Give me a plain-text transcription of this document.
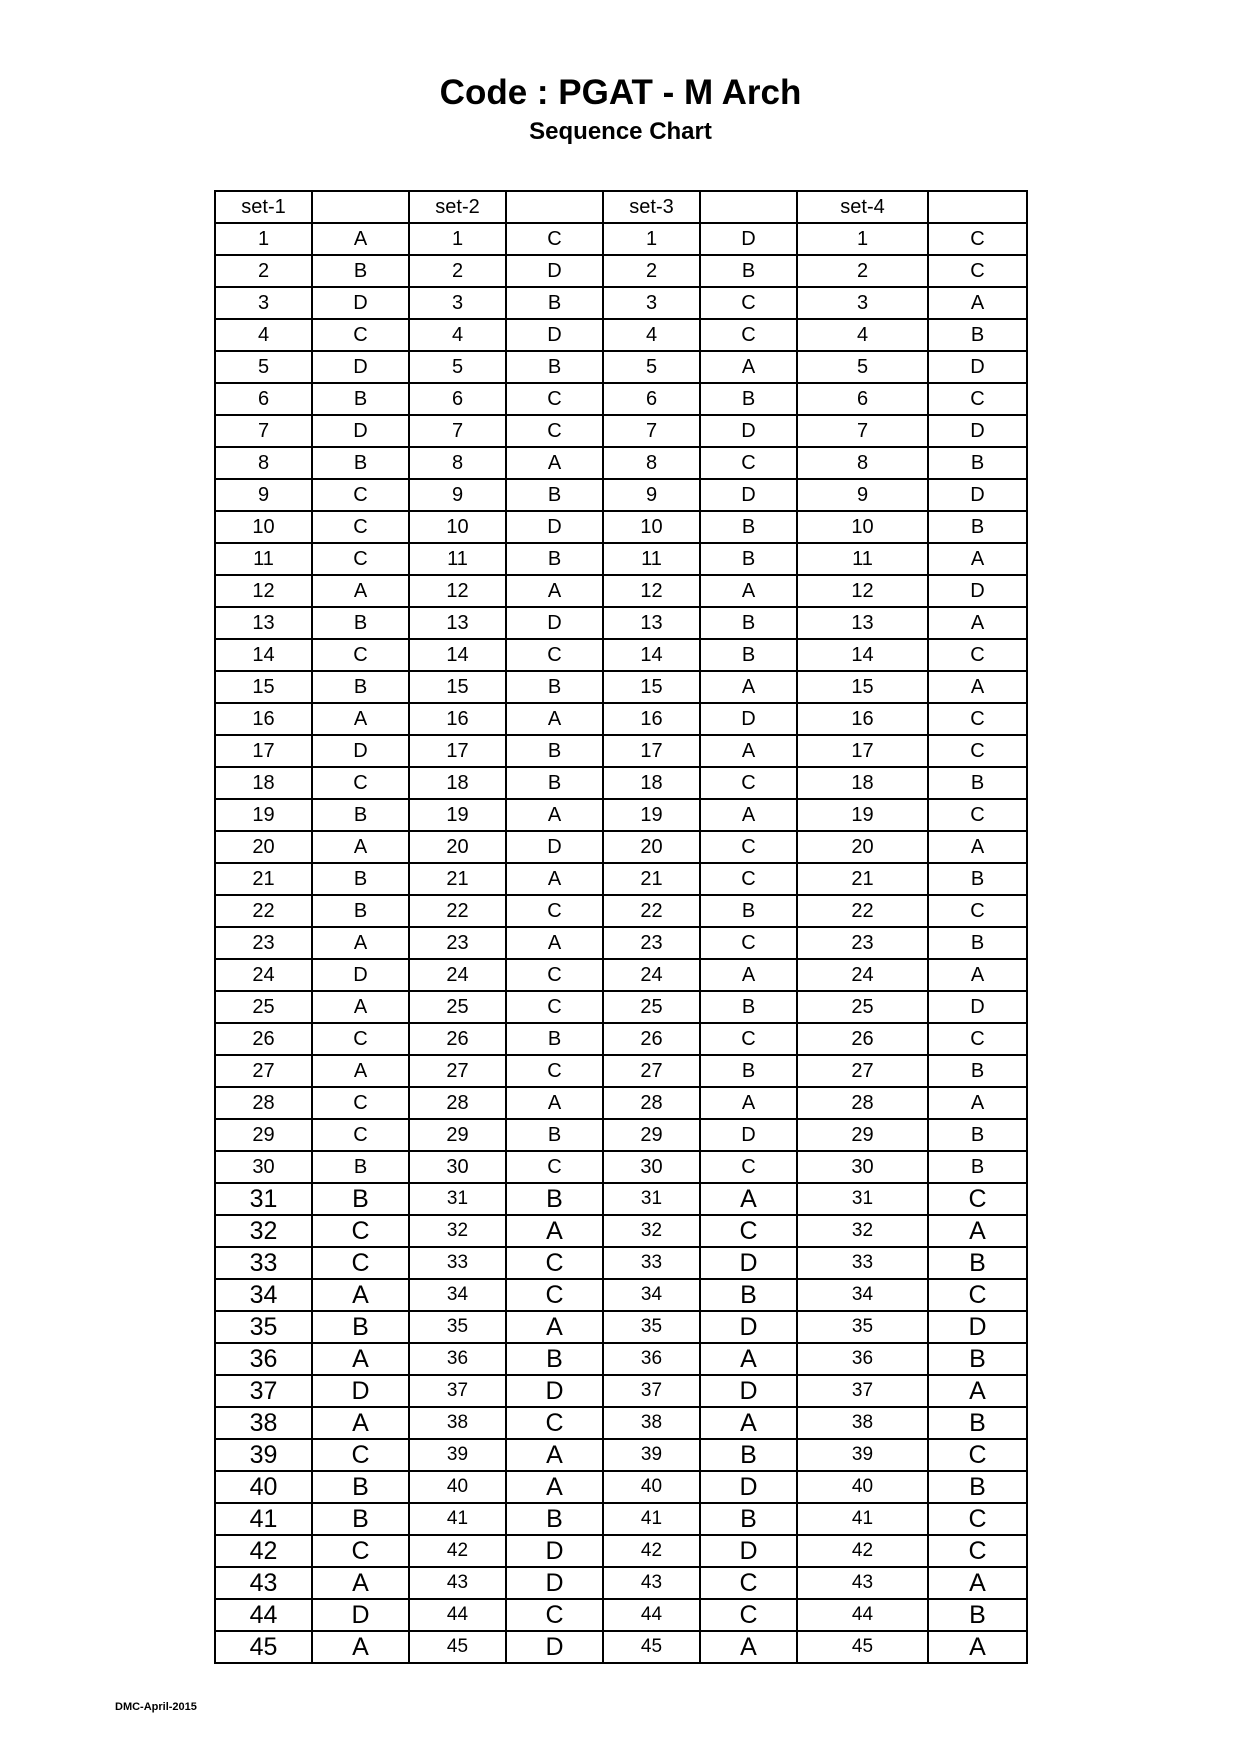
Code : PGAT - M Arch
Sequence Chart
set-1		set-2		set-3		set-4	
1	A	1	C	1	D	1	C
2	B	2	D	2	B	2	C
3	D	3	B	3	C	3	A
4	C	4	D	4	C	4	B
5	D	5	B	5	A	5	D
6	B	6	C	6	B	6	C
7	D	7	C	7	D	7	D
8	B	8	A	8	C	8	B
9	C	9	B	9	D	9	D
10	C	10	D	10	B	10	B
11	C	11	B	11	B	11	A
12	A	12	A	12	A	12	D
13	B	13	D	13	B	13	A
14	C	14	C	14	B	14	C
15	B	15	B	15	A	15	A
16	A	16	A	16	D	16	C
17	D	17	B	17	A	17	C
18	C	18	B	18	C	18	B
19	B	19	A	19	A	19	C
20	A	20	D	20	C	20	A
21	B	21	A	21	C	21	B
22	B	22	C	22	B	22	C
23	A	23	A	23	C	23	B
24	D	24	C	24	A	24	A
25	A	25	C	25	B	25	D
26	C	26	B	26	C	26	C
27	A	27	C	27	B	27	B
28	C	28	A	28	A	28	A
29	C	29	B	29	D	29	B
30	B	30	C	30	C	30	B
31	B	31	B	31	A	31	C
32	C	32	A	32	C	32	A
33	C	33	C	33	D	33	B
34	A	34	C	34	B	34	C
35	B	35	A	35	D	35	D
36	A	36	B	36	A	36	B
37	D	37	D	37	D	37	A
38	A	38	C	38	A	38	B
39	C	39	A	39	B	39	C
40	B	40	A	40	D	40	B
41	B	41	B	41	B	41	C
42	C	42	D	42	D	42	C
43	A	43	D	43	C	43	A
44	D	44	C	44	C	44	B
45	A	45	D	45	A	45	A
DMC-April-2015
